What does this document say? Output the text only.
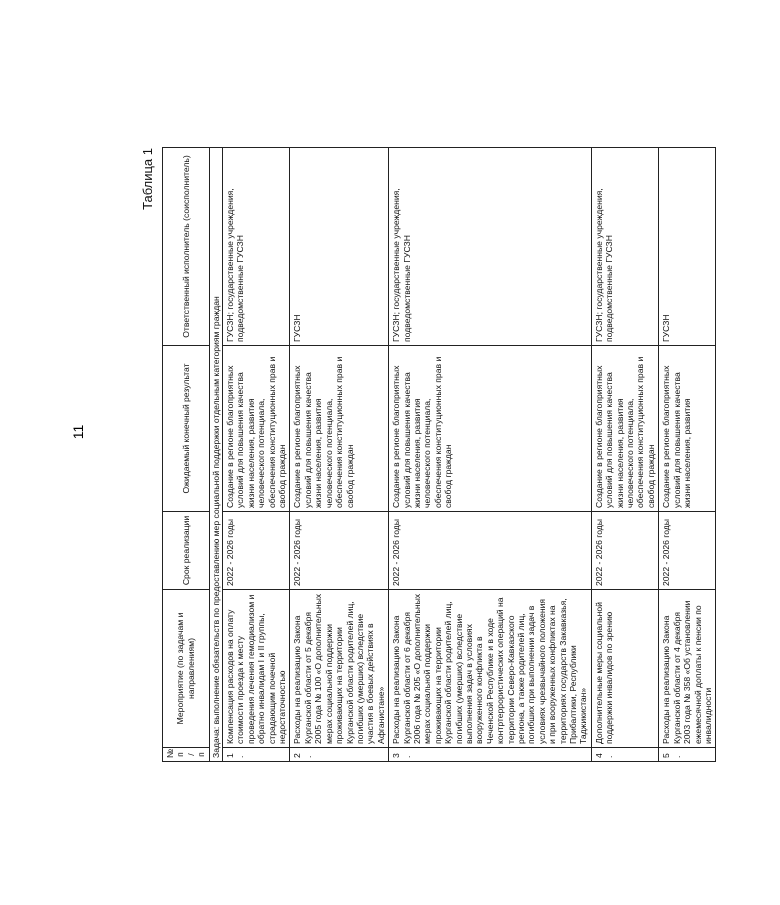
11
Таблица 1
№ п/п	Мероприятие (по задачам и направлениям)	Срок реализации	Ожидаемый конечный результат	Ответственный исполнитель (соисполнитель)
Задача: выполнение обязательств по предоставлению мер социальной поддержки отдельным категориям граждан				
1.	Компенсация расходов на оплату стоимости проезда к месту проведения лечения гемодиализом и обратно инвалидам I и II группы, страдающим почечной недостаточностью	2022 - 2026 годы	Создание в регионе благоприятных условий для повышения качества жизни населения, развития человеческого потенциала, обеспечения конституционных прав и свобод граждан	ГУСЗН; государственные учреждения, подведомственные ГУСЗН
2.	Расходы на реализацию Закона Курганской области от 5 декабря 2005 года № 100 «О дополнительных мерах социальной поддержки проживающих на территории Курганской области родителей лиц, погибших (умерших) вследствие участия в боевых действиях в Афганистане»	2022 - 2026 годы	Создание в регионе благоприятных условий для повышения качества жизни населения, развития человеческого потенциала, обеспечения конституционных прав и свобод граждан	ГУСЗН
3.	Расходы на реализацию Закона Курганской области от 6 декабря 2006 года № 205 «О дополнительных мерах социальной поддержки проживающих на территории Курганской области родителей лиц, погибших (умерших) вследствие выполнения задач в условиях вооруженного конфликта в Чеченской Республике и в ходе контртеррористических операций на территории Северо-Кавказского региона, а также родителей лиц, погибших при выполнении задач в условиях чрезвычайного положения и при вооруженных конфликтах на территориях государств Закавказья, Прибалтики, Республики Таджикистан»	2022 - 2026 годы	Создание в регионе благоприятных условий для повышения качества жизни населения, развития человеческого потенциала, обеспечения конституционных прав и свобод граждан	ГУСЗН; государственные учреждения, подведомственные ГУСЗН
4.	Дополнительные меры социальной поддержки инвалидов по зрению	2022 - 2026 годы	Создание в регионе благоприятных условий для повышения качества жизни населения, развития человеческого потенциала, обеспечения конституционных прав и свобод граждан	ГУСЗН; государственные учреждения, подведомственные ГУСЗН
5.	Расходы на реализацию Закона Курганской области от 4 декабря 2003 года № 358 «Об установлении ежемесячной доплаты к пенсии по инвалидности	2022 - 2026 годы	Создание в регионе благоприятных условий для повышения качества жизни населения, развития	ГУСЗН
